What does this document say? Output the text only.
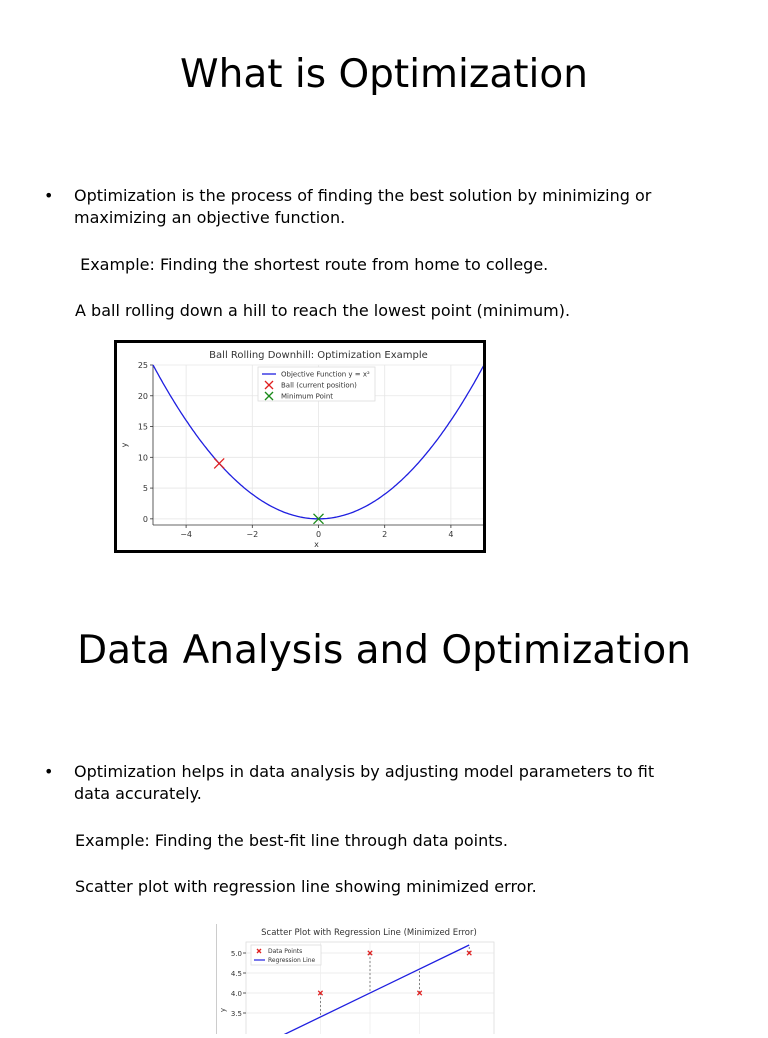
What is Optimization
• Optimization is the process of finding the best solution by minimizing or maximizing an objective function.
Example: Finding the shortest route from home to college.
A ball rolling down a hill to reach the lowest point (minimum).
Ball Rolling Downhill: Optimization Example
−4	−2	0	2	4
0
5
10
15
20
25
x
y
Objective Function y = x²
Ball (current position)
Minimum Point
Data Analysis and Optimization
• Optimization helps in data analysis by adjusting model parameters to fit data accurately.
Example: Finding the best-fit line through data points.
Scatter plot with regression line showing minimized error.
Scatter Plot with Regression Line (Minimized Error)
3.5
4.0
4.5
5.0
y
Data Points
Regression Line
